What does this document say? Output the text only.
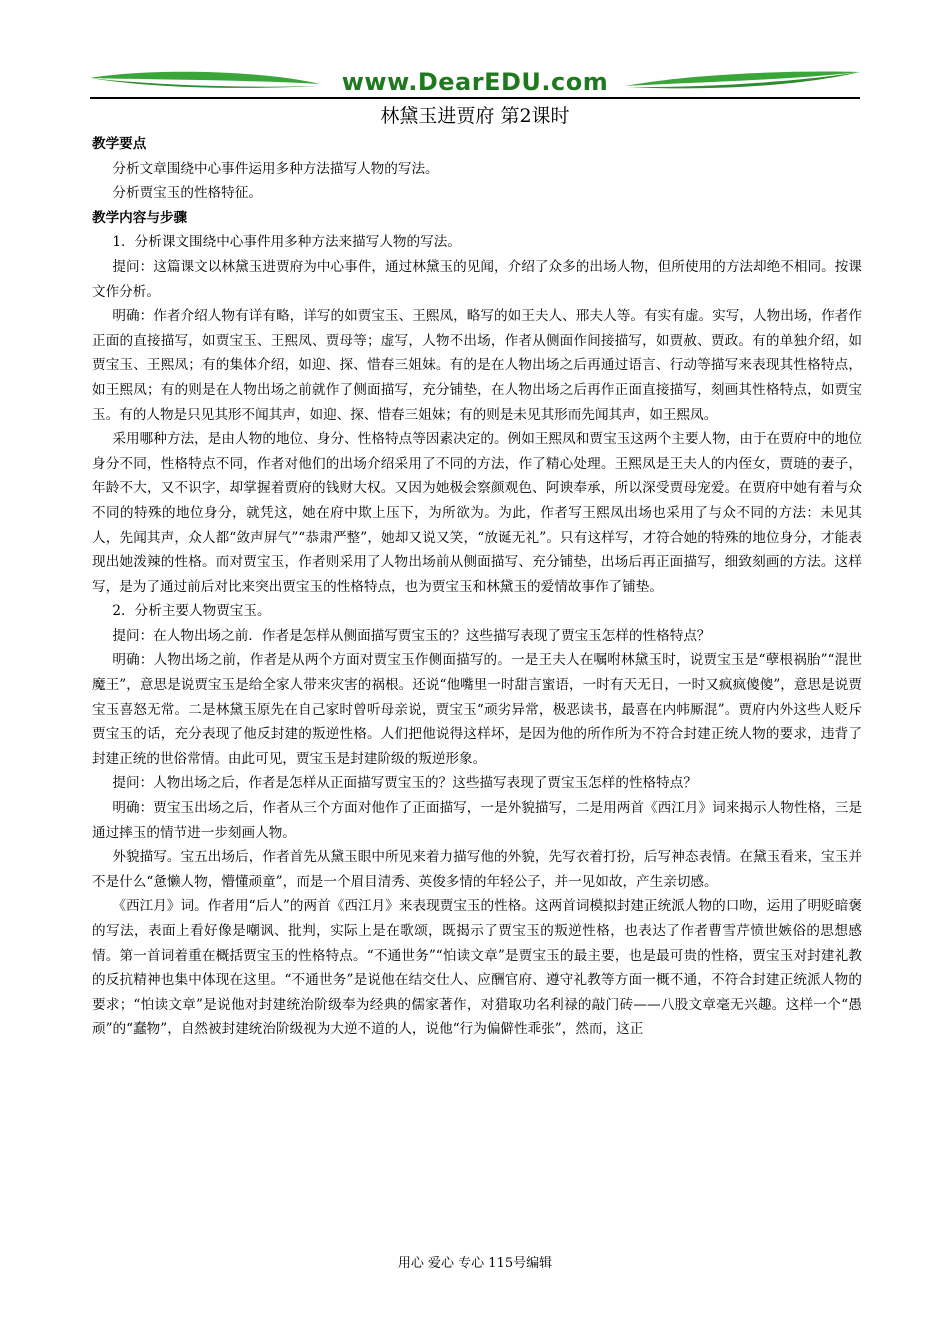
www.DearEDU.com
林黛玉进贾府 第2课时

教学要点

分析文章围绕中心事件运用多种方法描写人物的写法。

分析贾宝玉的性格特征。

教学内容与步骤

1．分析课文围绕中心事件用多种方法来描写人物的写法。

提问：这篇课文以林黛玉进贾府为中心事件，通过林黛玉的见闻，介绍了众多的出场人物，但所使用的方法却绝不相同。按课文作分析。

明确：作者介绍人物有详有略，详写的如贾宝玉、王熙凤，略写的如王夫人、邢夫人等。有实有虚。实写，人物出场，作者作正面的直接描写，如贾宝玉、王熙凤、贾母等；虚写，人物不出场，作者从侧面作间接描写，如贾赦、贾政。有的单独介绍，如贾宝玉、王熙凤；有的集体介绍，如迎、探、惜春三姐妹。有的是在人物出场之后再通过语言、行动等描写来表现其性格特点，如王熙凤；有的则是在人物出场之前就作了侧面描写，充分铺垫，在人物出场之后再作正面直接描写，刻画其性格特点，如贾宝玉。有的人物是只见其形不闻其声，如迎、探、惜春三姐妹；有的则是未见其形而先闻其声，如王熙凤。

采用哪种方法，是由人物的地位、身分、性格特点等因素决定的。例如王熙凤和贾宝玉这两个主要人物，由于在贾府中的地位身分不同，性格特点不同，作者对他们的出场介绍采用了不同的方法，作了精心处理。王熙凤是王夫人的内侄女，贾琏的妻子，年龄不大，又不识字，却掌握着贾府的钱财大权。又因为她极会察颜观色、阿谀奉承，所以深受贾母宠爱。在贾府中她有着与众不同的特殊的地位身分，就凭这，她在府中欺上压下，为所欲为。为此，作者写王熙凤出场也采用了与众不同的方法：未见其人，先闻其声，众人都“敛声屏气”“恭肃严整”，她却又说又笑，“放诞无礼”。只有这样写，才符合她的特殊的地位身分，才能表现出她泼辣的性格。而对贾宝玉，作者则采用了人物出场前从侧面描写、充分铺垫，出场后再正面描写，细致刻画的方法。这样写，是为了通过前后对比来突出贾宝玉的性格特点，也为贾宝玉和林黛玉的爱情故事作了铺垫。

2．分析主要人物贾宝玉。

提问：在人物出场之前．作者是怎样从侧面描写贾宝玉的？这些描写表现了贾宝玉怎样的性格特点？

明确：人物出场之前，作者是从两个方面对贾宝玉作侧面描写的。一是王夫人在嘱咐林黛玉时，说贾宝玉是“孽根祸胎”“混世魔王”，意思是说贾宝玉是给全家人带来灾害的祸根。还说“他嘴里一时甜言蜜语，一时有天无日，一时又疯疯傻傻”，意思是说贾宝玉喜怒无常。二是林黛玉原先在自己家时曾听母亲说，贾宝玉“顽劣异常，极恶读书，最喜在内帏厮混”。贾府内外这些人贬斥贾宝玉的话，充分表现了他反封建的叛逆性格。人们把他说得这样坏，是因为他的所作所为不符合封建正统人物的要求，违背了封建正统的世俗常情。由此可见，贾宝玉是封建阶级的叛逆形象。

提问：人物出场之后，作者是怎样从正面描写贾宝玉的？这些描写表现了贾宝玉怎样的性格特点？

明确：贾宝玉出场之后，作者从三个方面对他作了正面描写，一是外貌描写，二是用两首《西江月》词来揭示人物性格，三是通过摔玉的情节进一步刻画人物。

外貌描写。宝五出场后，作者首先从黛玉眼中所见来着力描写他的外貌，先写衣着打扮，后写神态表情。在黛玉看来，宝玉并不是什么“惫懒人物，懵懂顽童”，而是一个眉目清秀、英俊多情的年轻公子，并一见如故，产生亲切感。

《西江月》词。作者用“后人”的两首《西江月》来表现贾宝玉的性格。这两首词模拟封建正统派人物的口吻，运用了明贬暗褒的写法，表面上看好像是嘲讽、批判，实际上是在歌颂，既揭示了贾宝玉的叛逆性格，也表达了作者曹雪芹愤世嫉俗的思想感情。第一首词着重在概括贾宝玉的性格特点。“不通世务”“怕读文章”是贾宝玉的最主要，也是最可贵的性格，贾宝玉对封建礼教的反抗精神也集中体现在这里。“不通世务”是说他在结交仕人、应酬官府、遵守礼教等方面一概不通，不符合封建正统派人物的要求；“怕读文章”是说他对封建统治阶级奉为经典的儒家著作，对猎取功名利禄的敲门砖——八股文章毫无兴趣。这样一个“愚顽”的“蠢物”，自然被封建统治阶级视为大逆不道的人，说他“行为偏僻性乖张”，然而，这正

用心 爱心 专心 115号编辑
